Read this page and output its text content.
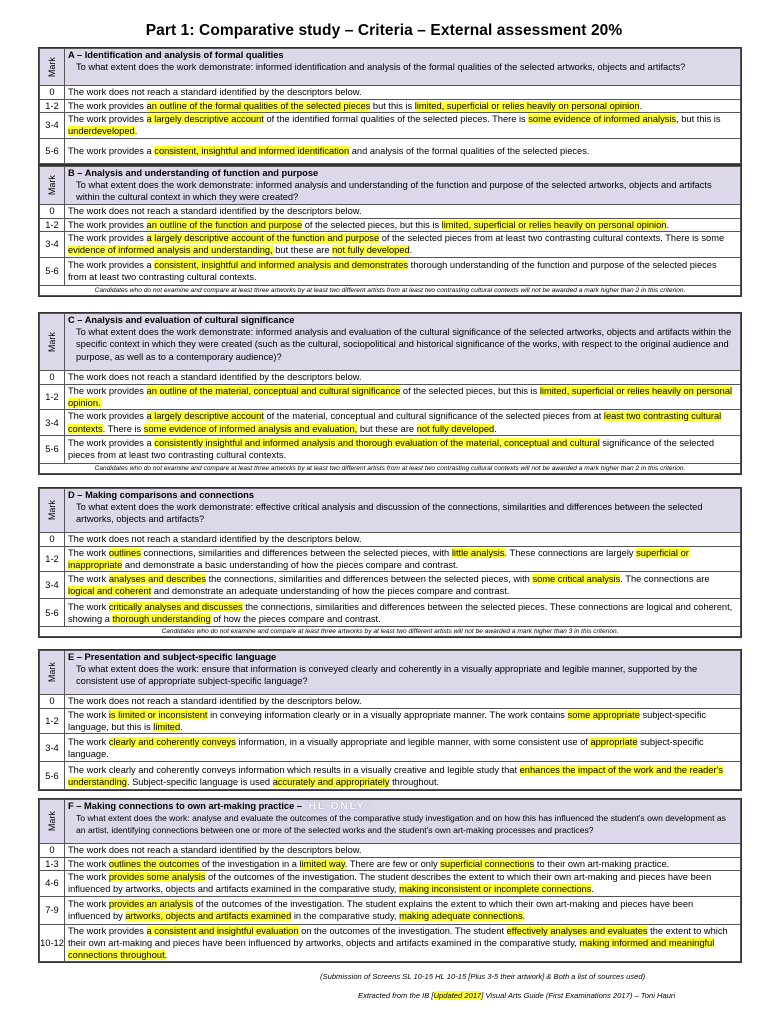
Part 1: Comparative study – Criteria – External assessment 20%
Mark	A – Identification and analysis of formal qualities
To what extent does the work demonstrate: informed identification and analysis of the formal qualities of the selected artworks, objects and artifacts?

0	The work does not reach a standard identified by the descriptors below.
1-2	The work provides an outline of the formal qualities of the selected pieces but this is limited, superficial or relies heavily on personal opinion.
3-4	The work provides a largely descriptive account of the identified formal qualities of the selected pieces. There is some evidence of informed analysis, but this is underdeveloped.
5-6	The work provides a consistent, insightful and informed identification and analysis of the formal qualities of the selected pieces.
Mark	B – Analysis and understanding of function and purpose
To what extent does the work demonstrate: informed analysis and understanding of the function and purpose of the selected artworks, objects and artifacts within the cultural context in which they were created?

0	The work does not reach a standard identified by the descriptors below.
1-2	The work provides an outline of the function and purpose of the selected pieces, but this is limited, superficial or relies heavily on personal opinion.
3-4	The work provides a largely descriptive account of the function and purpose of the selected pieces from at least two contrasting cultural contexts. There is some evidence of informed analysis and understanding, but these are not fully developed.
5-6	The work provides a consistent, insightful and informed analysis and demonstrates thorough understanding of the function and purpose of the selected pieces from at least two contrasting cultural contexts.
Candidates who do not examine and compare at least three artworks by at least two different artists from at least two contrasting cultural contexts will not be awarded a mark higher than 2 in this criterion.	
Mark	C – Analysis and evaluation of cultural significance
To what extent does the work demonstrate: informed analysis and evaluation of the cultural significance of the selected artworks, objects and artifacts within the specific context in which they were created (such as the cultural, sociopolitical and historical significance of the works, with respect to the original audience and purpose, as well as to a contemporary audience)?

0	The work does not reach a standard identified by the descriptors below.
1-2	The work provides an outline of the material, conceptual and cultural significance of the selected pieces, but this is limited, superficial or relies heavily on personal opinion.
3-4	The work provides a largely descriptive account of the material, conceptual and cultural significance of the selected pieces from at least two contrasting cultural contexts. There is some evidence of informed analysis and evaluation, but these are not fully developed.
5-6	The work provides a consistently insightful and informed analysis and thorough evaluation of the material, conceptual and cultural significance of the selected pieces from at least two contrasting cultural contexts.
Candidates who do not examine and compare at least three artworks by at least two different artists from at least two contrasting cultural contexts will not be awarded a mark higher than 2 in this criterion.	
Mark	D – Making comparisons and connections
To what extent does the work demonstrate: effective critical analysis and discussion of the connections, similarities and differences between the selected artworks, objects and artifacts?

0	The work does not reach a standard identified by the descriptors below.
1-2	The work outlines connections, similarities and differences between the selected pieces, with little analysis. These connections are largely superficial or inappropriate and demonstrate a basic understanding of how the pieces compare and contrast.
3-4	The work analyses and describes the connections, similarities and differences between the selected pieces, with some critical analysis. The connections are logical and coherent and demonstrate an adequate understanding of how the pieces compare and contrast.
5-6	The work critically analyses and discusses the connections, similarities and differences between the selected pieces. These connections are logical and coherent, showing a thorough understanding of how the pieces compare and contrast.
Candidates who do not examine and compare at least three artworks by at least two different artists will not be awarded a mark higher than 3 in this criterion.	
Mark	E – Presentation and subject-specific language
To what extent does the work: ensure that information is conveyed clearly and coherently in a visually appropriate and legible manner, supported by the consistent use of appropriate subject-specific language?

0	The work does not reach a standard identified by the descriptors below.
1-2	The work is limited or inconsistent in conveying information clearly or in a visually appropriate manner. The work contains some appropriate subject-specific language, but this is limited.
3-4	The work clearly and coherently conveys information, in a visually appropriate and legible manner, with some consistent use of appropriate subject-specific language.
5-6	The work clearly and coherently conveys information which results in a visually creative and legible study that enhances the impact of the work and the reader's understanding. Subject-specific language is used accurately and appropriately throughout.
Mark	F – Making connections to own art-making practice – HL ONLY
To what extent does the work: analyse and evaluate the outcomes of the comparative study investigation and on how this has influenced the student's own development as an artist, identifying connections between one or more of the selected works and the student's own art-making processes and practices?

0	The work does not reach a standard identified by the descriptors below.
1-3	The work outlines the outcomes of the investigation in a limited way. There are few or only superficial connections to their own art-making practice.
4-6	The work provides some analysis of the outcomes of the investigation. The student describes the extent to which their own art-making and pieces have been influenced by artworks, objects and artifacts examined in the comparative study, making inconsistent or incomplete connections.
7-9	The work provides an analysis of the outcomes of the investigation. The student explains the extent to which their own art-making and pieces have been influenced by artworks, objects and artifacts examined in the comparative study, making adequate connections.
10-12	The work provides a consistent and insightful evaluation on the outcomes of the investigation. The student effectively analyses and evaluates the extent to which their own art-making and pieces have been influenced by artworks, objects and artifacts examined in the comparative study, making informed and meaningful connections throughout.
(Submission of Screens SL 10-15 HL 10-15 [Plus 3-5 their artwork] & Both a list of sources used)
Extracted from the IB [Updated 2017] Visual Arts Guide (First Examinations 2017) – Toni Hauri
